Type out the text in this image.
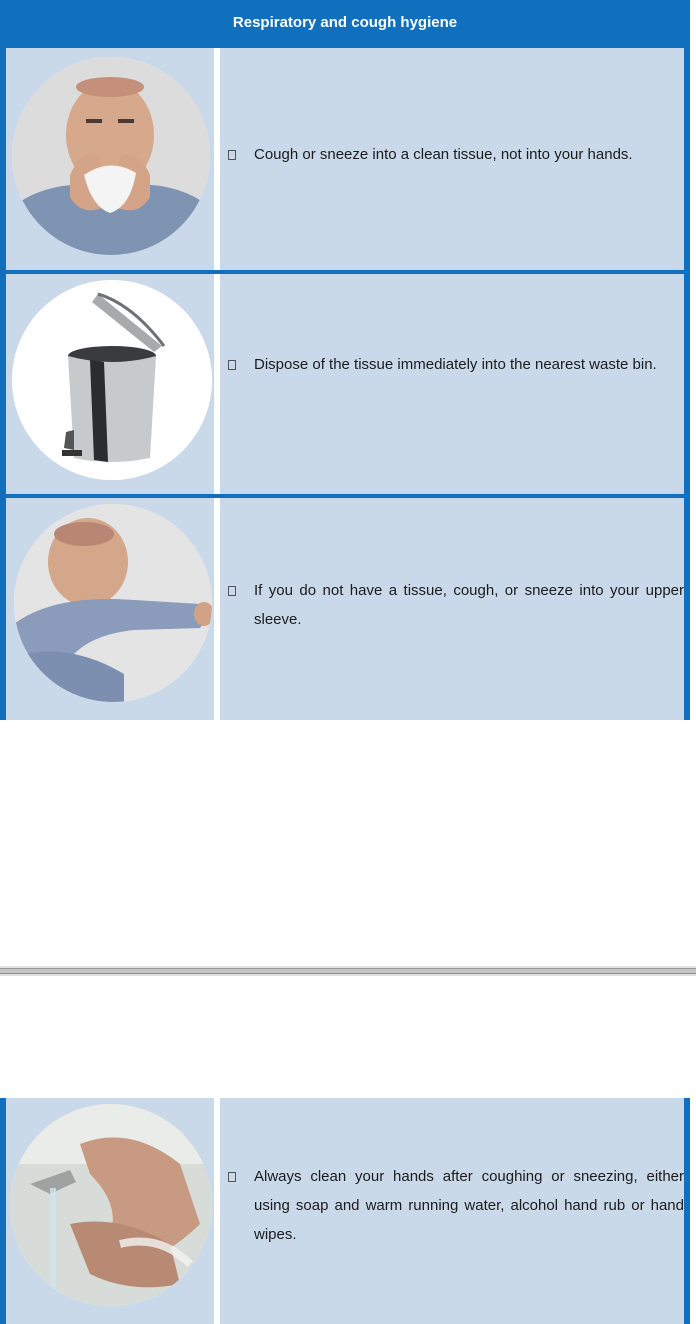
Respiratory and cough hygiene
Cough or sneeze into a clean tissue, not into your hands.
Dispose of the tissue immediately into the nearest waste bin.
If you do not have a tissue, cough, or sneeze into your upper sleeve.
Always clean your hands after coughing or sneezing, either using soap and warm running water, alcohol hand rub or hand wipes.
